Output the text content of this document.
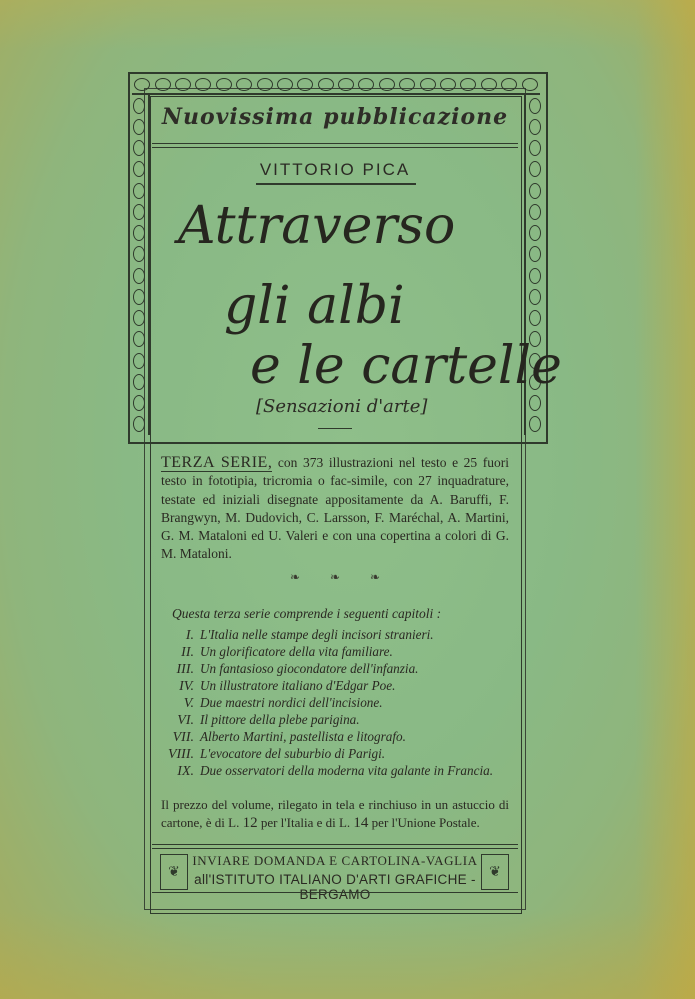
Nuovissima pubblicazione
VITTORIO PICA
Attraverso
gli albi
e le cartelle
[Sensazioni d'arte]
TERZA SERIE, con 373 illustrazioni nel testo e 25 fuori testo in fototipia, tricromia o fac-simile, con 27 inquadrature, testate ed iniziali disegnate appositamente da A. Baruffi, F. Brangwyn, M. Dudovich, C. Larsson, F. Maréchal, A. Martini, G. M. Mataloni ed U. Valeri e con una copertina a colori di G. M. Mataloni.
❧ ❧ ❧
Questa terza serie comprende i seguenti capitoli :
I. L'Italia nelle stampe degli incisori stranieri.
II. Un glorificatore della vita familiare.
III. Un fantasioso giocondatore dell'infanzia.
IV. Un illustratore italiano d'Edgar Poe.
V. Due maestri nordici dell'incisione.
VI. Il pittore della plebe parigina.
VII. Alberto Martini, pastellista e litografo.
VIII. L'evocatore del suburbio di Parigi.
IX. Due osservatori della moderna vita galante in Francia.
Il prezzo del volume, rilegato in tela e rinchiuso in un astuccio di cartone, è di L. 12 per l'Italia e di L. 14 per l'Unione Postale.
❦
INVIARE DOMANDA E CARTOLINA-VAGLIA
all'ISTITUTO ITALIANO D'ARTI GRAFICHE - BERGAMO
❦
